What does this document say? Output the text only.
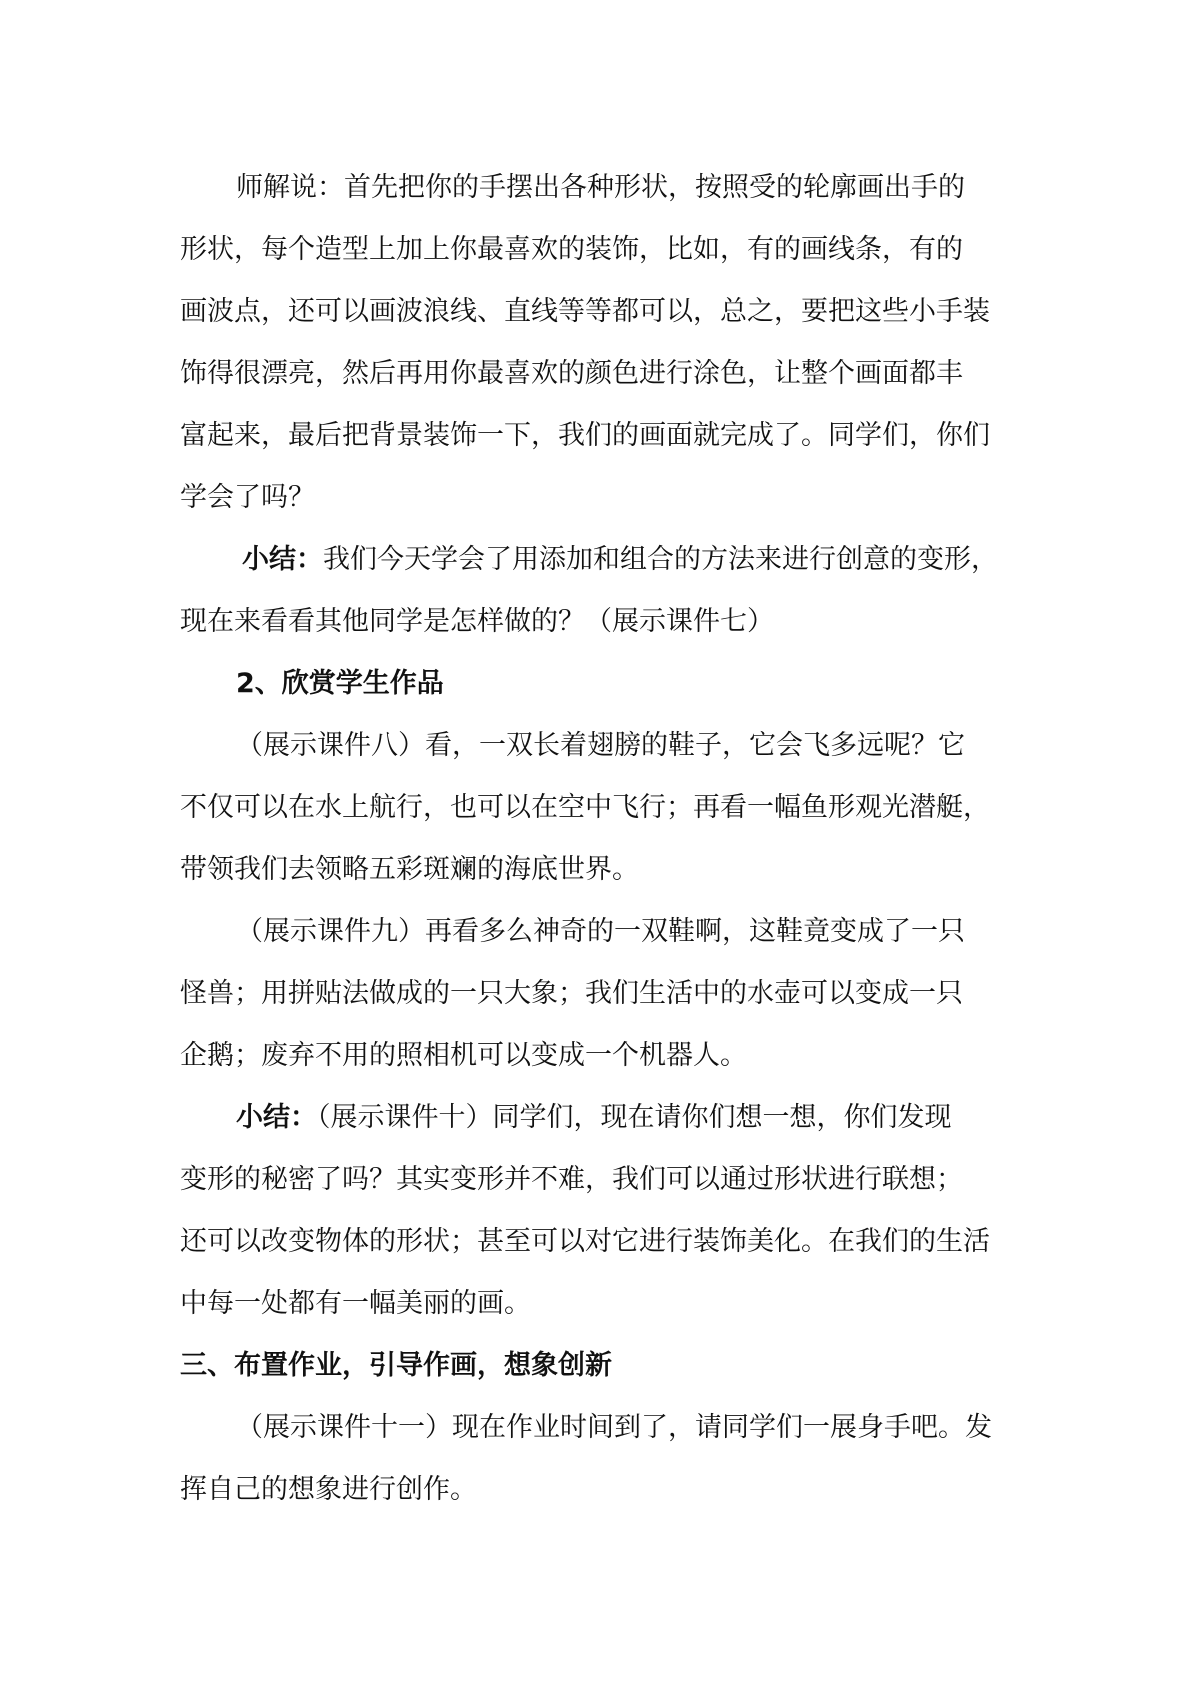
师解说：首先把你的手摆出各种形状，按照受的轮廓画出手的
形状，每个造型上加上你最喜欢的装饰，比如，有的画线条，有的
画波点，还可以画波浪线、直线等等都可以，总之，要把这些小手装
饰得很漂亮，然后再用你最喜欢的颜色进行涂色，让整个画面都丰
富起来，最后把背景装饰一下，我们的画面就完成了。同学们，你们
学会了吗？
小结：我们今天学会了用添加和组合的方法来进行创意的变形，
现在来看看其他同学是怎样做的？（展示课件七）
2、欣赏学生作品
（展示课件八）看，一双长着翅膀的鞋子，它会飞多远呢？它
不仅可以在水上航行，也可以在空中飞行；再看一幅鱼形观光潜艇，
带领我们去领略五彩斑斓的海底世界。
（展示课件九）再看多么神奇的一双鞋啊，这鞋竟变成了一只
怪兽；用拼贴法做成的一只大象；我们生活中的水壶可以变成一只
企鹅；废弃不用的照相机可以变成一个机器人。
小结：（展示课件十）同学们，现在请你们想一想，你们发现
变形的秘密了吗？其实变形并不难，我们可以通过形状进行联想；
还可以改变物体的形状；甚至可以对它进行装饰美化。在我们的生活
中每一处都有一幅美丽的画。
三、布置作业，引导作画，想象创新
（展示课件十一）现在作业时间到了，请同学们一展身手吧。发
挥自己的想象进行创作。
